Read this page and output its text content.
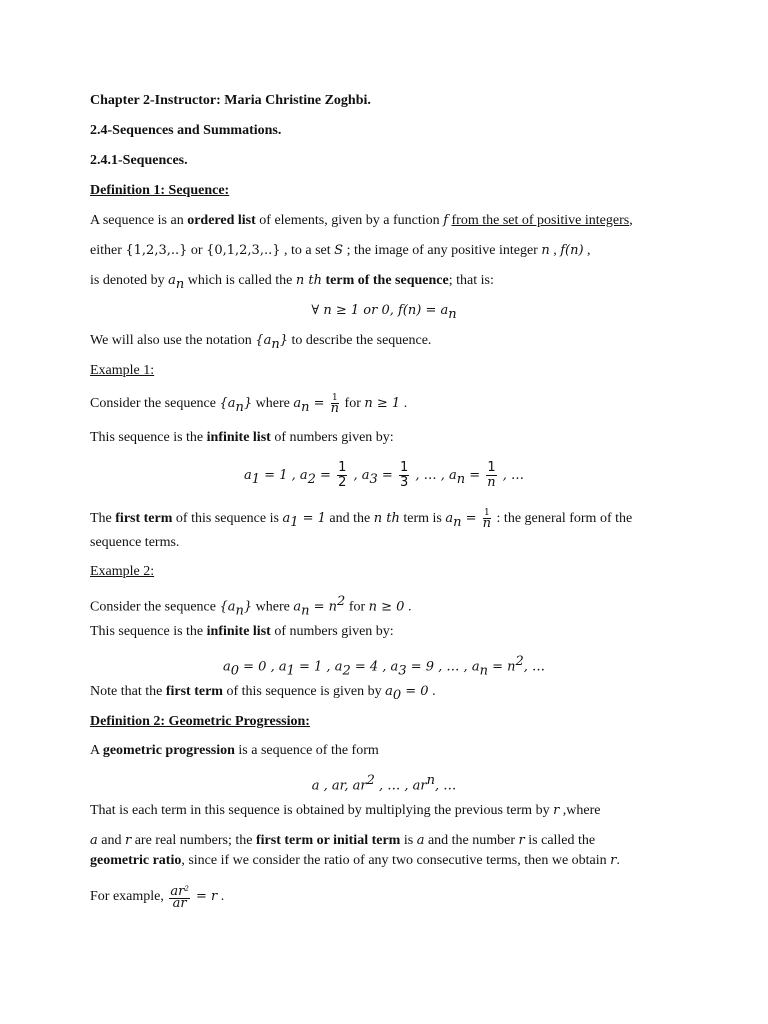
Chapter 2-Instructor: Maria Christine Zoghbi.
2.4-Sequences and Summations.
2.4.1-Sequences.
Definition 1: Sequence:
A sequence is an ordered list of elements, given by a function f from the set of positive integers,
either {1,2,3,..} or {0,1,2,3,..} , to a set S ; the image of any positive integer n , f(n) ,
is denoted by $a_n$ which is called the n th term of the sequence; that is:
∀ n ≥ 1 or 0, $f(n) = a_n$
We will also use the notation $\{a_n\}$ to describe the sequence.
Example 1:
Consider the sequence $\{a_n\}$ where $a_n = \frac{1}{n}$ for n ≥ 1 .
This sequence is the infinite list of numbers given by:
$a_1 = 1$ , $a_2 = \frac{1}{2}$ , $a_3 = \frac{1}{3}$ , … , $a_n = \frac{1}{n}$ , …
The first term of this sequence is $a_1 = 1$ and the n th term is $a_n = \frac{1}{n}$ : the general form of the
sequence terms.
Example 2:
Consider the sequence $\{a_n\}$ where $a_n = n^2$ for n ≥ 0 .
This sequence is the infinite list of numbers given by:
$a_0 = 0$ , $a_1 = 1$ , $a_2 = 4$ , $a_3 = 9$ , … , $a_n = n^2$, …
Note that the first term of this sequence is given by $a_0 = 0$ .
Definition 2: Geometric Progression:
A geometric progression is a sequence of the form
a , ar, $ar^2$ , … , $ar^n$, …
That is each term in this sequence is obtained by multiplying the previous term by r ,where
a and r are real numbers; the first term or initial term is a and the number r is called the
geometric ratio, since if we consider the ratio of any two consecutive terms, then we obtain r.
For example, $\frac{ar^2}{ar} = r$ .
